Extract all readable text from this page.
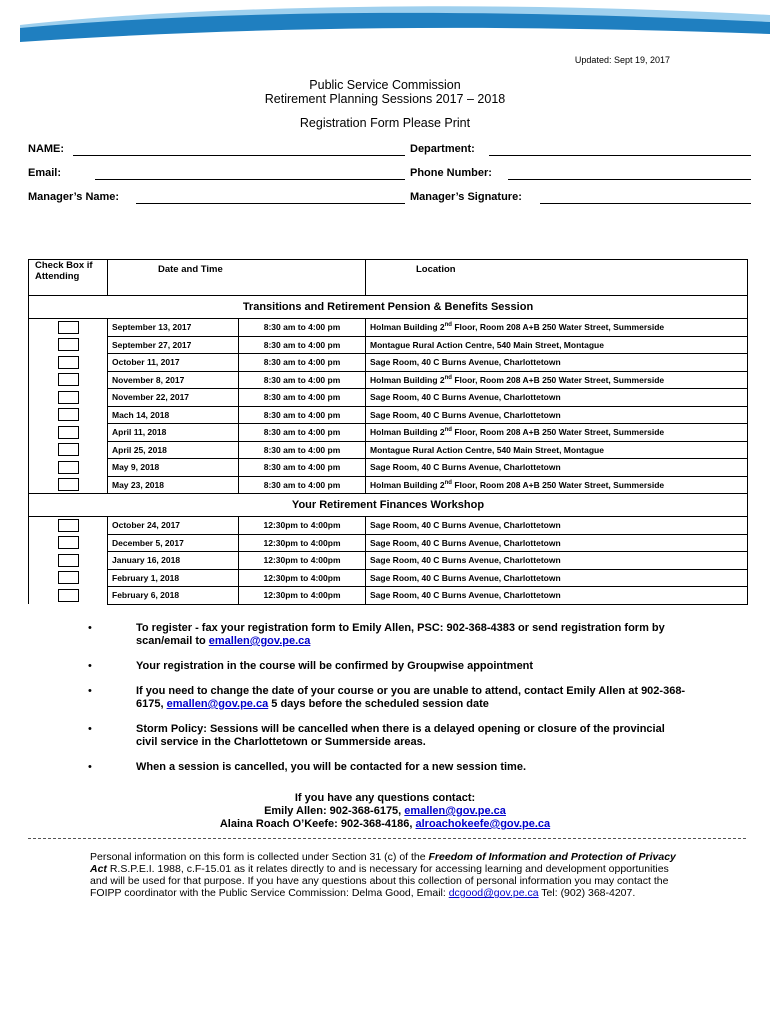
Updated: Sept 19, 2017
Public Service Commission
Retirement Planning Sessions 2017 – 2018
Registration Form Please Print
NAME:	Department:
Email:	Phone Number:
Manager’s Name:	Manager’s Signature:
Check Box if Attending	Date and Time		Location
Transitions and Retirement Pension & Benefits Session			
	September 13, 2017	8:30 am to 4:00 pm	Holman Building 2nd Floor, Room 208 A+B 250 Water Street, Summerside
	September 27, 2017	8:30 am to 4:00 pm	Montague Rural Action Centre, 540 Main Street, Montague
	October 11, 2017	8:30 am to 4:00 pm	Sage Room, 40 C Burns Avenue, Charlottetown
	November 8, 2017	8:30 am to 4:00 pm	Holman Building 2nd Floor, Room 208 A+B 250 Water Street, Summerside
	November 22, 2017	8:30 am to 4:00 pm	Sage Room, 40 C Burns Avenue, Charlottetown
	Mach 14, 2018	8:30 am to 4:00 pm	Sage Room, 40 C Burns Avenue, Charlottetown
	April 11, 2018	8:30 am to 4:00 pm	Holman Building 2nd Floor, Room 208 A+B 250 Water Street, Summerside
	April 25, 2018	8:30 am to 4:00 pm	Montague Rural Action Centre, 540 Main Street, Montague
	May 9, 2018	8:30 am to 4:00 pm	Sage Room, 40 C Burns Avenue, Charlottetown
	May 23, 2018	8:30 am to 4:00 pm	Holman Building 2nd Floor, Room 208 A+B 250 Water Street, Summerside
Your Retirement Finances Workshop			
	October 24, 2017	12:30pm to 4:00pm	Sage Room, 40 C Burns Avenue, Charlottetown
	December 5, 2017	12:30pm to 4:00pm	Sage Room, 40 C Burns Avenue, Charlottetown
	January 16, 2018	12:30pm to 4:00pm	Sage Room, 40 C Burns Avenue, Charlottetown
	February 1, 2018	12:30pm to 4:00pm	Sage Room, 40 C Burns Avenue, Charlottetown
	February 6, 2018	12:30pm to 4:00pm	Sage Room, 40 C Burns Avenue, Charlottetown
•	To register - fax your registration form to Emily Allen, PSC: 902-368-4383 or send registration form by scan/email to emallen@gov.pe.ca
•	Your registration in the course will be confirmed by Groupwise appointment
•	If you need to change the date of your course or you are unable to attend, contact Emily Allen at 902-368-6175, emallen@gov.pe.ca 5 days before the scheduled session date
•	Storm Policy: Sessions will be cancelled when there is a delayed opening or closure of the provincial civil service in the Charlottetown or Summerside areas.
•	When a session is cancelled, you will be contacted for a new session time.
If you have any questions contact:
Emily Allen: 902-368-6175, emallen@gov.pe.ca
Alaina Roach O’Keefe: 902-368-4186, alroachokeefe@gov.pe.ca
Personal information on this form is collected under Section 31 (c) of the Freedom of Information and Protection of Privacy Act R.S.P.E.I. 1988, c.F-15.01 as it relates directly to and is necessary for accessing learning and development opportunities and will be used for that purpose. If you have any questions about this collection of personal information you may contact the FOIPP coordinator with the Public Service Commission: Delma Good, Email: dcgood@gov.pe.ca Tel: (902) 368-4207.
